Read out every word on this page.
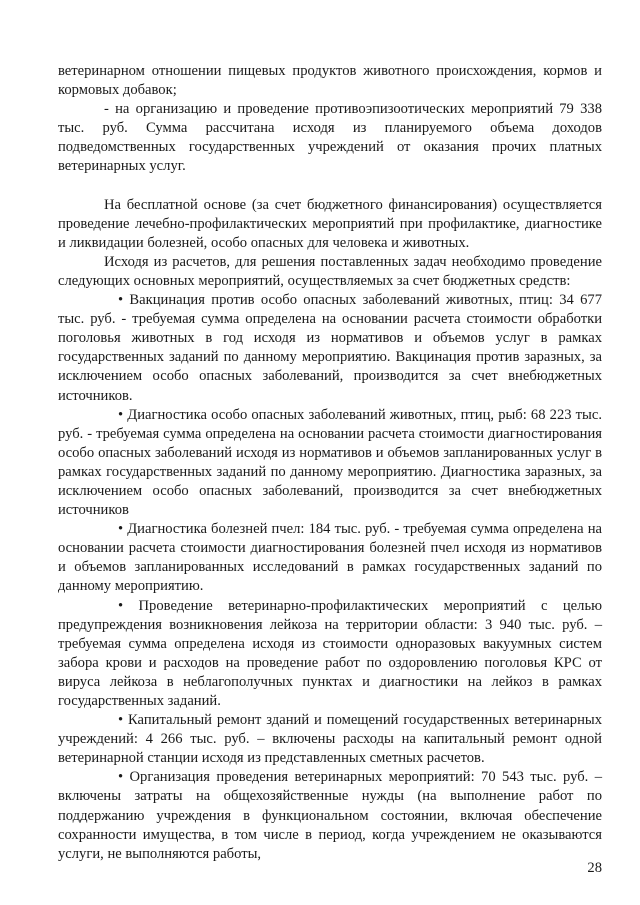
ветеринарном отношении пищевых продуктов животного происхождения, кормов и кормовых добавок;

- на организацию и проведение противоэпизоотических мероприятий 79 338 тыс. руб. Сумма рассчитана исходя из планируемого объема доходов подведомственных государственных учреждений от оказания прочих платных ветеринарных услуг.

На бесплатной основе (за счет бюджетного финансирования) осуществляется проведение лечебно-профилактических мероприятий при профилактике, диагностике и ликвидации болезней, особо опасных для человека и животных.

Исходя из расчетов, для решения поставленных задач необходимо проведение следующих основных мероприятий, осуществляемых за счет бюджетных средств:

• Вакцинация против особо опасных заболеваний животных, птиц: 34 677 тыс. руб. - требуемая сумма определена на основании расчета стоимости обработки поголовья животных в год исходя из нормативов и объемов услуг в рамках государственных заданий по данному мероприятию. Вакцинация против заразных, за исключением особо опасных заболеваний, производится за счет внебюджетных источников.

• Диагностика особо опасных заболеваний животных, птиц, рыб: 68 223 тыс. руб. - требуемая сумма определена на основании расчета стоимости диагностирования особо опасных заболеваний исходя из нормативов и объемов запланированных услуг в рамках государственных заданий по данному мероприятию. Диагностика заразных, за исключением особо опасных заболеваний, производится за счет внебюджетных источников

• Диагностика болезней пчел: 184 тыс. руб. - требуемая сумма определена на основании расчета стоимости диагностирования болезней пчел исходя из нормативов и объемов запланированных исследований в рамках государственных заданий по данному мероприятию.

• Проведение ветеринарно-профилактических мероприятий с целью предупреждения возникновения лейкоза на территории области: 3 940 тыс. руб. – требуемая сумма определена исходя из стоимости одноразовых вакуумных систем забора крови и расходов на проведение работ по оздоровлению поголовья КРС от вируса лейкоза в неблагополучных пунктах и диагностики на лейкоз в рамках государственных заданий.

• Капитальный ремонт зданий и помещений государственных ветеринарных учреждений: 4 266 тыс. руб. – включены расходы на капитальный ремонт одной ветеринарной станции исходя из представленных сметных расчетов.

• Организация проведения ветеринарных мероприятий: 70 543 тыс. руб. – включены затраты на общехозяйственные нужды (на выполнение работ по поддержанию учреждения в функциональном состоянии, включая обеспечение сохранности имущества, в том числе в период, когда учреждением не оказываются услуги, не выполняются работы,

28
